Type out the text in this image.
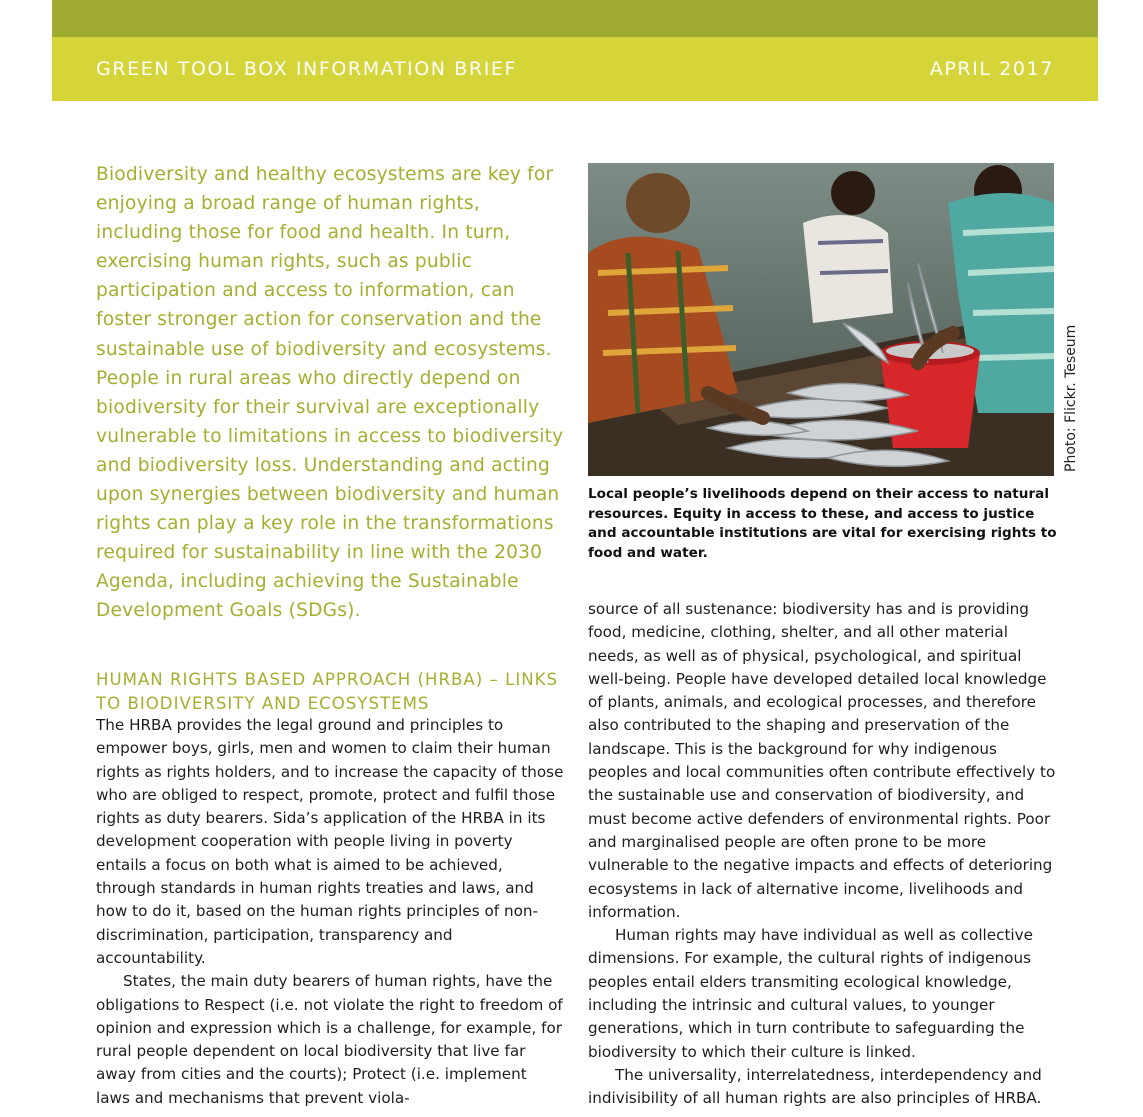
GREEN TOOL BOX INFORMATION BRIEF	APRIL 2017

Biodiversity and healthy ecosystems are key for enjoying a broad range of human rights, including those for food and health. In turn, exercising human rights, such as public participation and access to information, can foster stronger action for conservation and the sustainable use of biodiversity and ecosystems. People in rural areas who directly depend on biodiversity for their survival are exceptionally vulnerable to limitations in access to biodiversity and biodiversity loss. Understanding and acting upon synergies between biodiversity and human rights can play a key role in the transformations required for sustainability in line with the 2030 Agenda, including achieving the Sustainable Development Goals (SDGs).

HUMAN RIGHTS BASED APPROACH (HRBA) – LINKS TO BIODIVERSITY AND ECOSYSTEMS

The HRBA provides the legal ground and principles to empower boys, girls, men and women to claim their human rights as rights holders, and to increase the capacity of those who are obliged to respect, promote, protect and fulfil those rights as duty bearers. Sida’s application of the HRBA in its development cooperation with people living in poverty entails a focus on both what is aimed to be achieved, through standards in human rights treaties and laws, and how to do it, based on the human rights principles of non-discrimination, participation, transparency and accountability.

States, the main duty bearers of human rights, have the obligations to Respect (i.e. not violate the right to freedom of opinion and expression which is a challenge, for example, for rural people dependent on local biodiversity that live far away from cities and the courts); Protect (i.e. implement laws and mechanisms that prevent viola-

Photo: Flickr. Teseum

Local people’s livelihoods depend on their access to natural resources. Equity in access to these, and access to justice and accountable institutions are vital for exercising rights to food and water.

source of all sustenance: biodiversity has and is providing food, medicine, clothing, shelter, and all other material needs, as well as of physical, psychological, and spiritual well-being. People have developed detailed local knowledge of plants, animals, and ecological processes, and therefore also contributed to the shaping and preservation of the landscape. This is the background for why indigenous peoples and local communities often contribute effectively to the sustainable use and conservation of biodiversity, and must become active defenders of environmental rights. Poor and marginalised people are often prone to be more vulnerable to the negative impacts and effects of deterioring ecosystems in lack of alternative income, livelihoods and information.

Human rights may have individual as well as collective dimensions. For example, the cultural rights of indigenous peoples entail elders transmiting ecological knowledge, including the intrinsic and cultural values, to younger generations, which in turn contribute to safeguarding the biodiversity to which their culture is linked.

The universality, interrelatedness, interdependency and indivisibility of all human rights are also principles of HRBA.
